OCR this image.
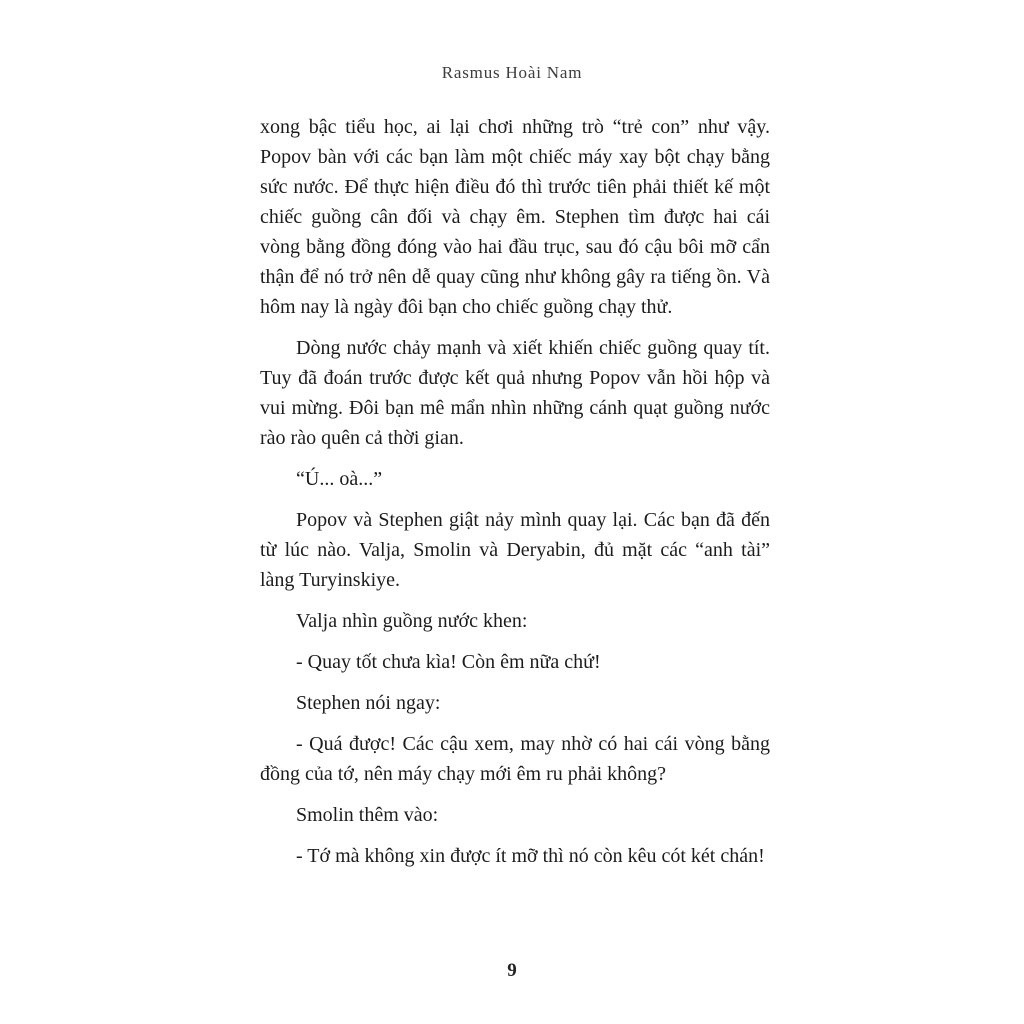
Rasmus Hoài Nam

xong bậc tiểu học, ai lại chơi những trò “trẻ con” như vậy. Popov bàn với các bạn làm một chiếc máy xay bột chạy bằng sức nước. Để thực hiện điều đó thì trước tiên phải thiết kế một chiếc guồng cân đối và chạy êm. Stephen tìm được hai cái vòng bằng đồng đóng vào hai đầu trục, sau đó cậu bôi mỡ cẩn thận để nó trở nên dễ quay cũng như không gây ra tiếng ồn. Và hôm nay là ngày đôi bạn cho chiếc guồng chạy thử.

Dòng nước chảy mạnh và xiết khiến chiếc guồng quay tít. Tuy đã đoán trước được kết quả nhưng Popov vẫn hồi hộp và vui mừng. Đôi bạn mê mẩn nhìn những cánh quạt guồng nước rào rào quên cả thời gian.

“Ú... oà...”

Popov và Stephen giật nảy mình quay lại. Các bạn đã đến từ lúc nào. Valja, Smolin và Deryabin, đủ mặt các “anh tài” làng Turyinskiye.

Valja nhìn guồng nước khen:

- Quay tốt chưa kìa! Còn êm nữa chứ!

Stephen nói ngay:

- Quá được! Các cậu xem, may nhờ có hai cái vòng bằng đồng của tớ, nên máy chạy mới êm ru phải không?

Smolin thêm vào:

- Tớ mà không xin được ít mỡ thì nó còn kêu cót két chán!

9
